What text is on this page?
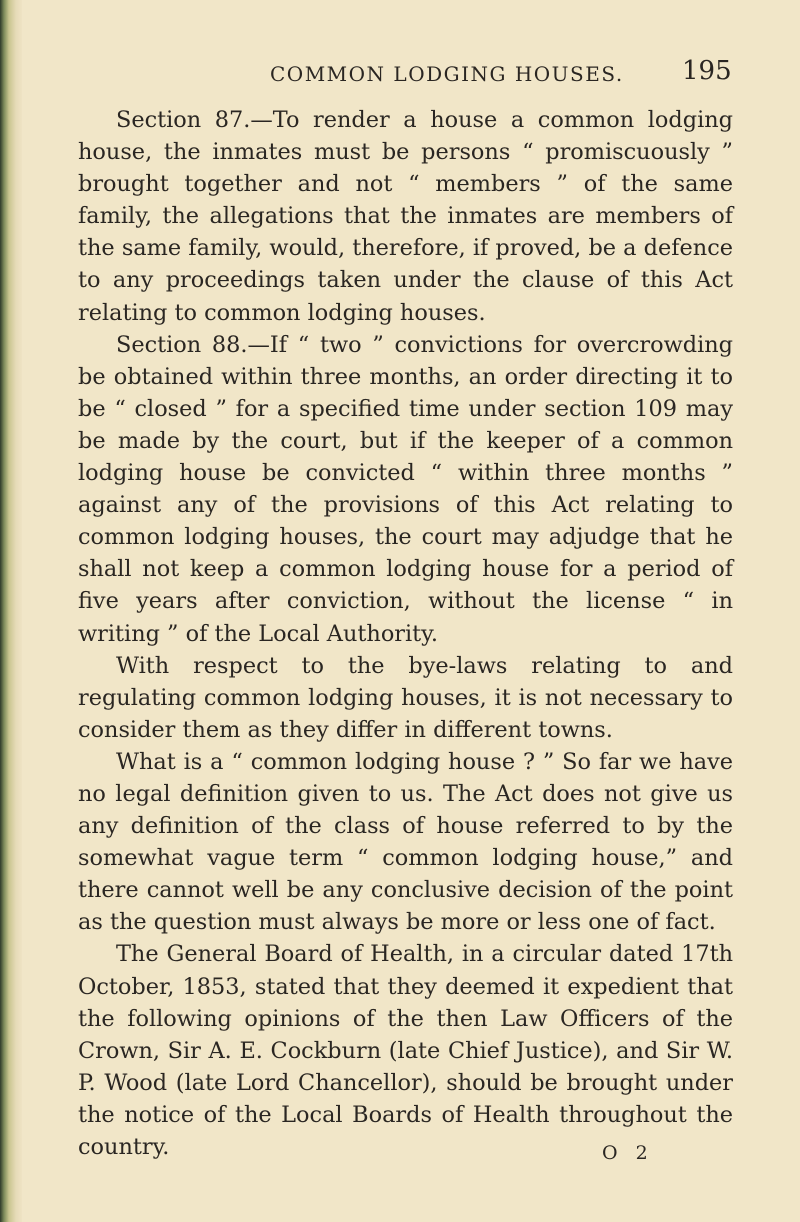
COMMON LODGING HOUSES. 195

Section 87.—To render a house a common lodging house, the inmates must be persons “ promiscuously ” brought together and not “ members ” of the same family, the allegations that the inmates are members of the same family, would, therefore, if proved, be a defence to any proceedings taken under the clause of this Act relating to common lodging houses.

Section 88.—If “ two ” convictions for overcrowding be obtained within three months, an order directing it to be “ closed ” for a specified time under section 109 may be made by the court, but if the keeper of a common lodging house be convicted “ within three months ” against any of the provisions of this Act relating to common lodging houses, the court may adjudge that he shall not keep a common lodging house for a period of five years after conviction, without the license “ in writing ” of the Local Authority.

With respect to the bye-laws relating to and regulating common lodging houses, it is not necessary to consider them as they differ in different towns.

What is a “ common lodging house ? ” So far we have no legal definition given to us. The Act does not give us any definition of the class of house referred to by the somewhat vague term “ common lodging house,” and there cannot well be any conclusive decision of the point as the question must always be more or less one of fact.

The General Board of Health, in a circular dated 17th October, 1853, stated that they deemed it expedient that the following opinions of the then Law Officers of the Crown, Sir A. E. Cockburn (late Chief Justice), and Sir W. P. Wood (late Lord Chancellor), should be brought under the notice of the Local Boards of Health throughout the country.	O 2
